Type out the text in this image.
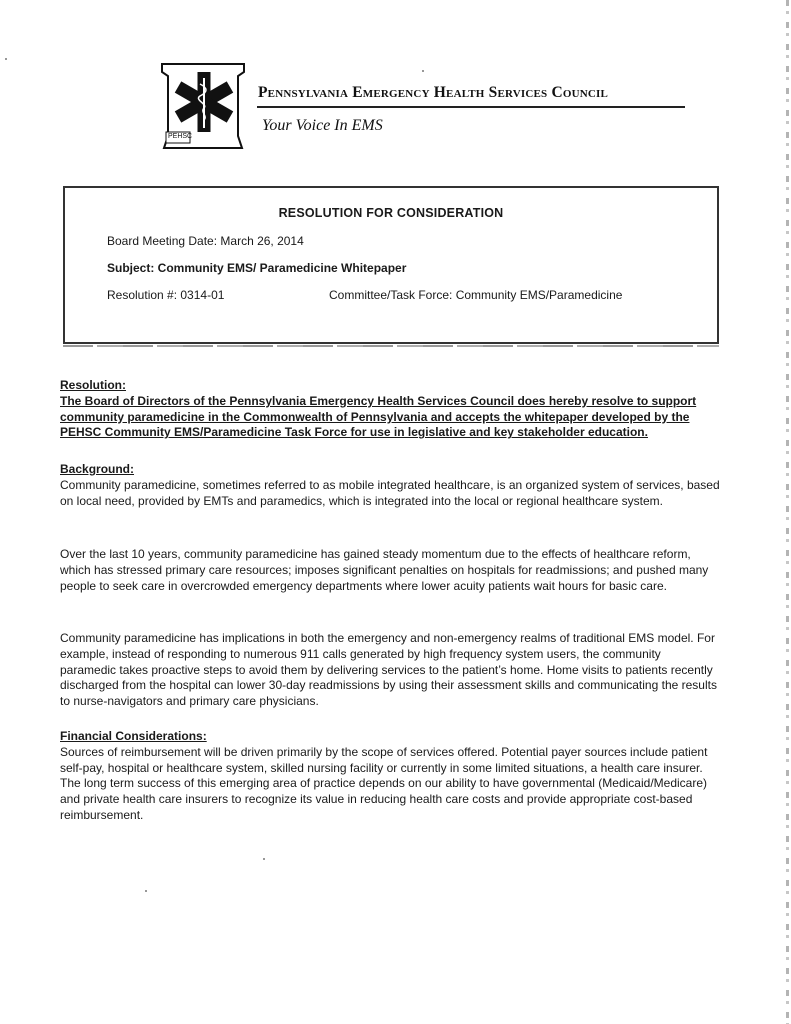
PEHSC
Pennsylvania Emergency Health Services Council
Your Voice In EMS
RESOLUTION FOR CONSIDERATION
Board Meeting Date: March 26, 2014
Subject: Community EMS/ Paramedicine Whitepaper
Resolution #: 0314-01	Committee/Task Force: Community EMS/Paramedicine
Resolution:

The Board of Directors of the Pennsylvania Emergency Health Services Council does hereby resolve to support community paramedicine in the Commonwealth of Pennsylvania and accepts the whitepaper developed by the PEHSC Community EMS/Paramedicine Task Force for use in legislative and key stakeholder education.

Background:

Community paramedicine, sometimes referred to as mobile integrated healthcare, is an organized system of services, based on local need, provided by EMTs and paramedics, which is integrated into the local or regional healthcare system.

Over the last 10 years, community paramedicine has gained steady momentum due to the effects of healthcare reform, which has stressed primary care resources; imposes significant penalties on hospitals for readmissions; and pushed many people to seek care in overcrowded emergency departments where lower acuity patients wait hours for basic care.

Community paramedicine has implications in both the emergency and non-emergency realms of traditional EMS model. For example, instead of responding to numerous 911 calls generated by high frequency system users, the community paramedic takes proactive steps to avoid them by delivering services to the patient’s home. Home visits to patients recently discharged from the hospital can lower 30-day readmissions by using their assessment skills and communicating the results to nurse-navigators and primary care physicians.

Financial Considerations:

Sources of reimbursement will be driven primarily by the scope of services offered. Potential payer sources include patient self-pay, hospital or healthcare system, skilled nursing facility or currently in some limited situations, a health care insurer. The long term success of this emerging area of practice depends on our ability to have governmental (Medicaid/Medicare) and private health care insurers to recognize its value in reducing health care costs and provide appropriate cost-based reimbursement.
